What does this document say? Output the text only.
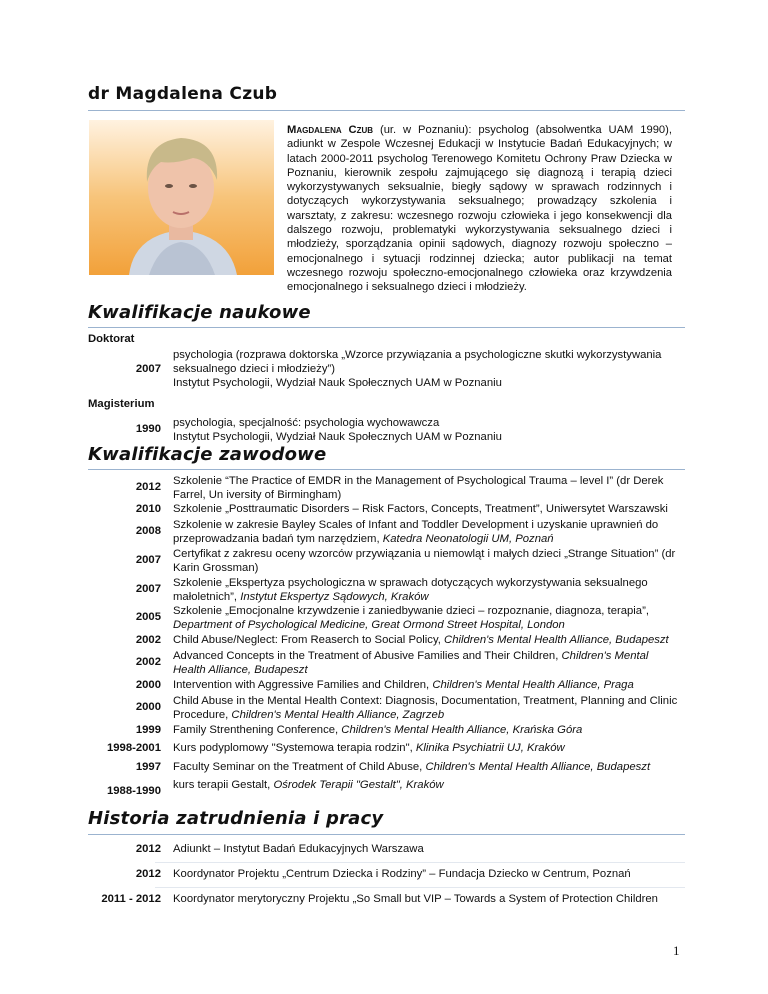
dr Magdalena Czub

Magdalena Czub (ur. w Poznaniu): psycholog (absolwentka UAM 1990), adiunkt w Zespole Wczesnej Edukacji w Instytucie Badań Edukacyjnych; w latach 2000-2011 psycholog Terenowego Komitetu Ochrony Praw Dziecka w Poznaniu, kierownik zespołu zajmującego się diagnozą i terapią dzieci wykorzystywanych seksualnie, biegły sądowy w sprawach rodzinnych i dotyczących wykorzystywania seksualnego; prowadzący szkolenia i warsztaty, z zakresu: wczesnego rozwoju człowieka i jego konsekwencji dla dalszego rozwoju, problematyki wykorzystywania seksualnego dzieci i młodzieży, sporządzania opinii sądowych, diagnozy rozwoju społeczno – emocjonalnego i sytuacji rodzinnej dziecka; autor publikacji na temat wczesnego rozwoju społeczno-emocjonalnego człowieka oraz krzywdzenia emocjonalnego i seksualnego dzieci i młodzieży.

Kwalifikacje naukowe
Doktorat
2007
psychologia (rozprawa doktorska „Wzorce przywiązania a psychologiczne skutki wykorzystywania seksualnego dzieci i młodzieży”)
Instytut Psychologii, Wydział Nauk Społecznych UAM w Poznaniu
Magisterium
1990 psychologia, specjalność: psychologia wychowawcza
Instytut Psychologii, Wydział Nauk Społecznych UAM w Poznaniu
Kwalifikacje zawodowe
2012 Szkolenie “The Practice of EMDR in the Management of Psychological Trauma – level I” (dr Derek Farrel, Un iversity of Birmingham)
2010 Szkolenie „Posttraumatic Disorders – Risk Factors, Concepts, Treatment”, Uniwersytet Warszawski
2008 Szkolenie w zakresie Bayley Scales of Infant and Toddler Development i uzyskanie uprawnień do przeprowadzania badań tym narzędziem, Katedra Neonatologii UM, Poznań
2007 Certyfikat z zakresu oceny wzorców przywiązania u niemowląt i małych dzieci „Strange Situation” (dr Karin Grossman)
2007 Szkolenie „Ekspertyza psychologiczna w sprawach dotyczących wykorzystywania seksualnego małoletnich”, Instytut Ekspertyz Sądowych, Kraków
2005 Szkolenie „Emocjonalne krzywdzenie i zaniedbywanie dzieci – rozpoznanie, diagnoza, terapia”, Department of Psychological Medicine, Great Ormond Street Hospital, London
2002 Child Abuse/Neglect: From Reaserch to Social Policy, Children's Mental Health Alliance, Budapeszt
2002 Advanced Concepts in the Treatment of Abusive Families and Their Children, Children's Mental Health Alliance, Budapeszt
2000 Intervention with Aggressive Families and Children, Children's Mental Health Alliance, Praga
2000 Child Abuse in the Mental Health Context: Diagnosis, Documentation, Treatment, Planning and Clinic Procedure, Children's Mental Health Alliance, Zagrzeb
1999 Family Strenthening Conference, Children's Mental Health Alliance, Krańska Góra
1998-2001 Kurs podyplomowy "Systemowa terapia rodzin", Klinika Psychiatrii UJ, Kraków
1997 Faculty Seminar on the Treatment of Child Abuse, Children's Mental Health Alliance, Budapeszt
1988-1990 kurs terapii Gestalt, Ośrodek Terapii "Gestalt", Kraków
Historia zatrudnienia i pracy
2012 Adiunkt – Instytut Badań Edukacyjnych Warszawa
2012 Koordynator Projektu „Centrum Dziecka i Rodziny” – Fundacja Dziecko w Centrum, Poznań
2011 - 2012 Koordynator merytoryczny Projektu „So Small but VIP – Towards a System of Protection Children
1
